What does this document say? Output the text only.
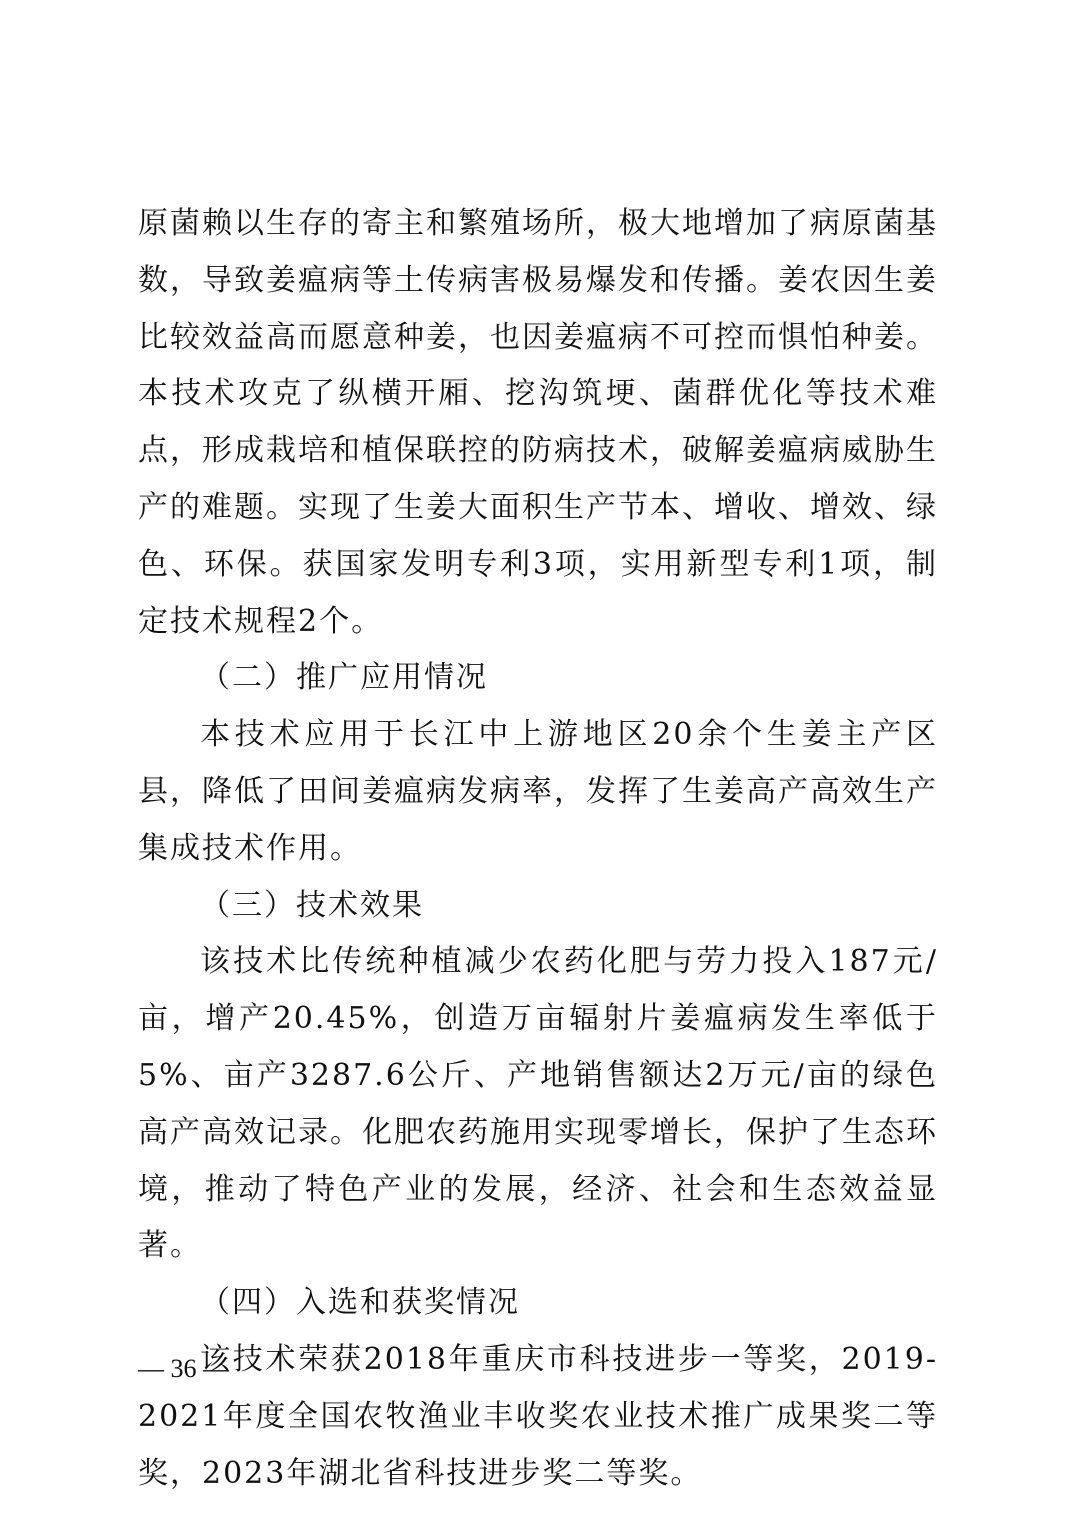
原菌赖以生存的寄主和繁殖场所，极大地增加了病原菌基数，导致姜瘟病等土传病害极易爆发和传播。姜农因生姜比较效益高而愿意种姜，也因姜瘟病不可控而惧怕种姜。本技术攻克了纵横开厢、挖沟筑埂、菌群优化等技术难点，形成栽培和植保联控的防病技术，破解姜瘟病威胁生产的难题。实现了生姜大面积生产节本、增收、增效、绿色、环保。获国家发明专利3项，实用新型专利1项，制定技术规程2个。

（二）推广应用情况

本技术应用于长江中上游地区20余个生姜主产区县，降低了田间姜瘟病发病率，发挥了生姜高产高效生产集成技术作用。

（三）技术效果

该技术比传统种植减少农药化肥与劳力投入187元/亩，增产20.45%，创造万亩辐射片姜瘟病发生率低于5%、亩产3287.6公斤、产地销售额达2万元/亩的绿色高产高效记录。化肥农药施用实现零增长，保护了生态环境，推动了特色产业的发展，经济、社会和生态效益显著。

（四）入选和获奖情况

该技术荣获2018年重庆市科技进步一等奖，2019-2021年度全国农牧渔业丰收奖农业技术推广成果奖二等奖，2023年湖北省科技进步奖二等奖。

— 36 —
